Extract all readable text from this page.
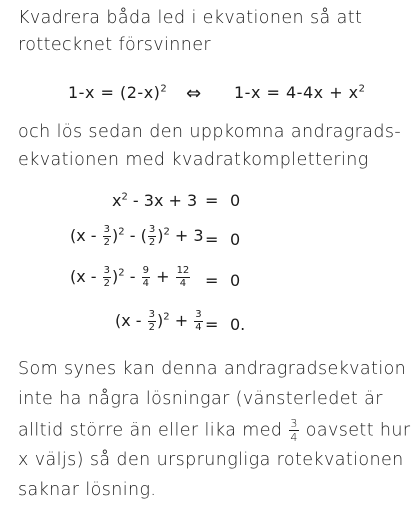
Kvadrera båda led i ekvationen så att
rottecknet försvinner
$1-x = (2-x)^2$ ⇔ $1-x = 4-4x + x^2$
och lös sedan den uppkomna andragrads-
ekvationen med kvadratkomplettering
$x^2 - 3x + 3 = 0$
$(x - \frac{3}{2} )^2$ - ( $\frac{3}{2} )^2 + 3 = 0$
$(x - \frac{3}{2} )^2 - \frac{9}{4} + \frac{12}{4} = 0$
$(x - \frac{3}{2} )^2 + \frac{3}{4} = 0$.
Som synes kan denna andragradsekvation
inte ha några lösningar (vänsterledet är
alltid större än eller lika med $\frac{3}{4}$ oavsett hur
x väljs) så den ursprungliga rotekvationen
saknar lösning.
